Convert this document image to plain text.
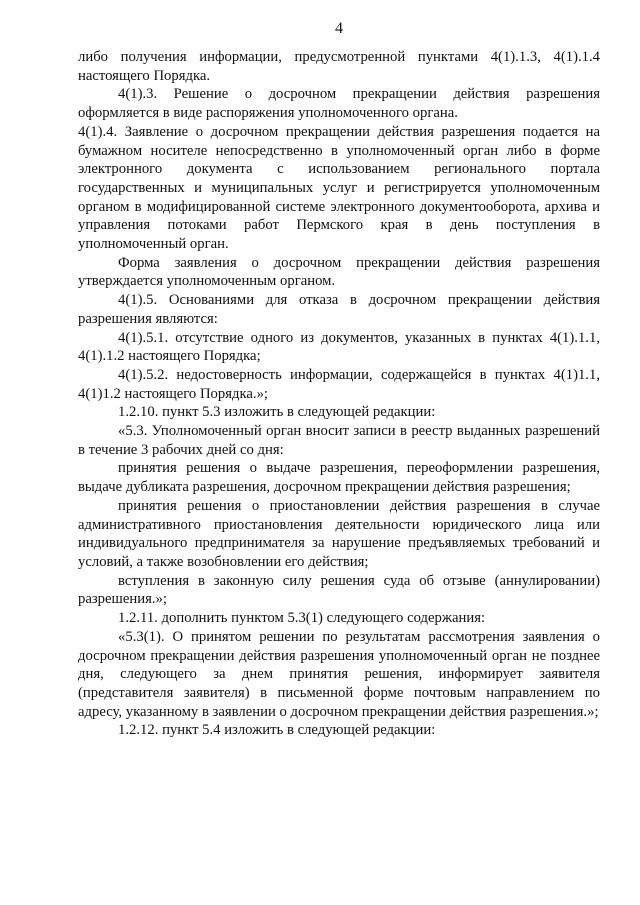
4

либо получения информации, предусмотренной пунктами 4(1).1.3, 4(1).1.4 настоящего Порядка.

4(1).3. Решение о досрочном прекращении действия разрешения оформляется в виде распоряжения уполномоченного органа.

4(1).4. Заявление о досрочном прекращении действия разрешения подается на бумажном носителе непосредственно в уполномоченный орган либо в форме электронного документа с использованием регионального портала государственных и муниципальных услуг и регистрируется уполномоченным органом в модифицированной системе электронного документооборота, архива и управления потоками работ Пермского края в день поступления в уполномоченный орган.

Форма заявления о досрочном прекращении действия разрешения утверждается уполномоченным органом.

4(1).5. Основаниями для отказа в досрочном прекращении действия разрешения являются:

4(1).5.1. отсутствие одного из документов, указанных в пунктах 4(1).1.1, 4(1).1.2 настоящего Порядка;

4(1).5.2. недостоверность информации, содержащейся в пунктах 4(1)1.1, 4(1)1.2 настоящего Порядка.»;

1.2.10. пункт 5.3 изложить в следующей редакции:

«5.3. Уполномоченный орган вносит записи в реестр выданных разрешений в течение 3 рабочих дней со дня:

принятия решения о выдаче разрешения, переоформлении разрешения, выдаче дубликата разрешения, досрочном прекращении действия разрешения;

принятия решения о приостановлении действия разрешения в случае административного приостановления деятельности юридического лица или индивидуального предпринимателя за нарушение предъявляемых требований и условий, а также возобновлении его действия;

вступления в законную силу решения суда об отзыве (аннулировании) разрешения.»;

1.2.11. дополнить пунктом 5.3(1) следующего содержания:

«5.3(1). О принятом решении по результатам рассмотрения заявления о досрочном прекращении действия разрешения уполномоченный орган не позднее дня, следующего за днем принятия решения, информирует заявителя (представителя заявителя) в письменной форме почтовым направлением по адресу, указанному в заявлении о досрочном прекращении действия разрешения.»;

1.2.12. пункт 5.4 изложить в следующей редакции:
